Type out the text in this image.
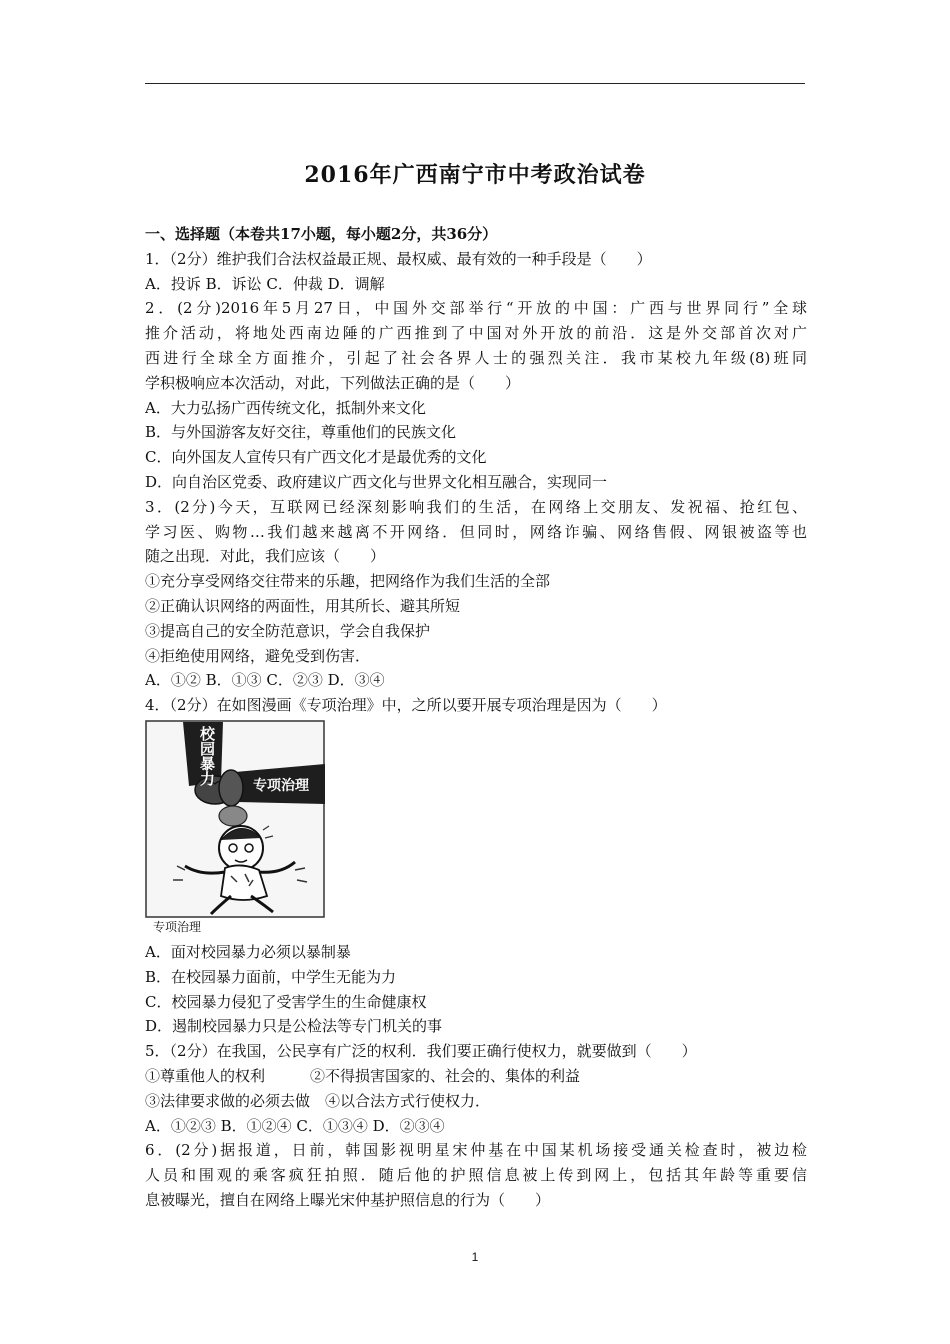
2016年广西南宁市中考政治试卷
一、选择题（本卷共17小题，每小题2分，共36分）
1．（2分）维护我们合法权益最正规、最权威、最有效的一种手段是（　　）
A．投诉 B．诉讼 C．仲裁 D．调解
2．(2分)2016年5月27日，中国外交部举行“开放的中国：广西与世界同行”全球
推介活动，将地处西南边陲的广西推到了中国对外开放的前沿．这是外交部首次对广
西进行全球全方面推介，引起了社会各界人士的强烈关注．我市某校九年级(8)班同
学积极响应本次活动，对此，下列做法正确的是（　　）
A．大力弘扬广西传统文化，抵制外来文化
B．与外国游客友好交往，尊重他们的民族文化
C．向外国友人宣传只有广西文化才是最优秀的文化
D．向自治区党委、政府建议广西文化与世界文化相互融合，实现同一
3．(2分)今天，互联网已经深刻影响我们的生活，在网络上交朋友、发祝福、抢红包、
学习医、购物…我们越来越离不开网络．但同时，网络诈骗、网络售假、网银被盗等也
随之出现．对此，我们应该（　　）
①充分享受网络交往带来的乐趣，把网络作为我们生活的全部
②正确认识网络的两面性，用其所长、避其所短
③提高自己的安全防范意识，学会自我保护
④拒绝使用网络，避免受到伤害．
A．①② B．①③ C．②③ D．③④
4．（2分）在如图漫画《专项治理》中，之所以要开展专项治理是因为（　　）
校园暴力	专项治理
专项治理
A．面对校园暴力必须以暴制暴
B．在校园暴力面前，中学生无能为力
C．校园暴力侵犯了受害学生的生命健康权
D．遏制校园暴力只是公检法等专门机关的事
5．（2分）在我国，公民享有广泛的权利．我们要正确行使权力，就要做到（　　）
①尊重他人的权利　　　②不得损害国家的、社会的、集体的利益
③法律要求做的必须去做　④以合法方式行使权力．
A．①②③ B．①②④ C．①③④ D．②③④
6．(2分)据报道，日前，韩国影视明星宋仲基在中国某机场接受通关检查时，被边检
人员和围观的乘客疯狂拍照．随后他的护照信息被上传到网上，包括其年龄等重要信
息被曝光，擅自在网络上曝光宋仲基护照信息的行为（　　）
1
